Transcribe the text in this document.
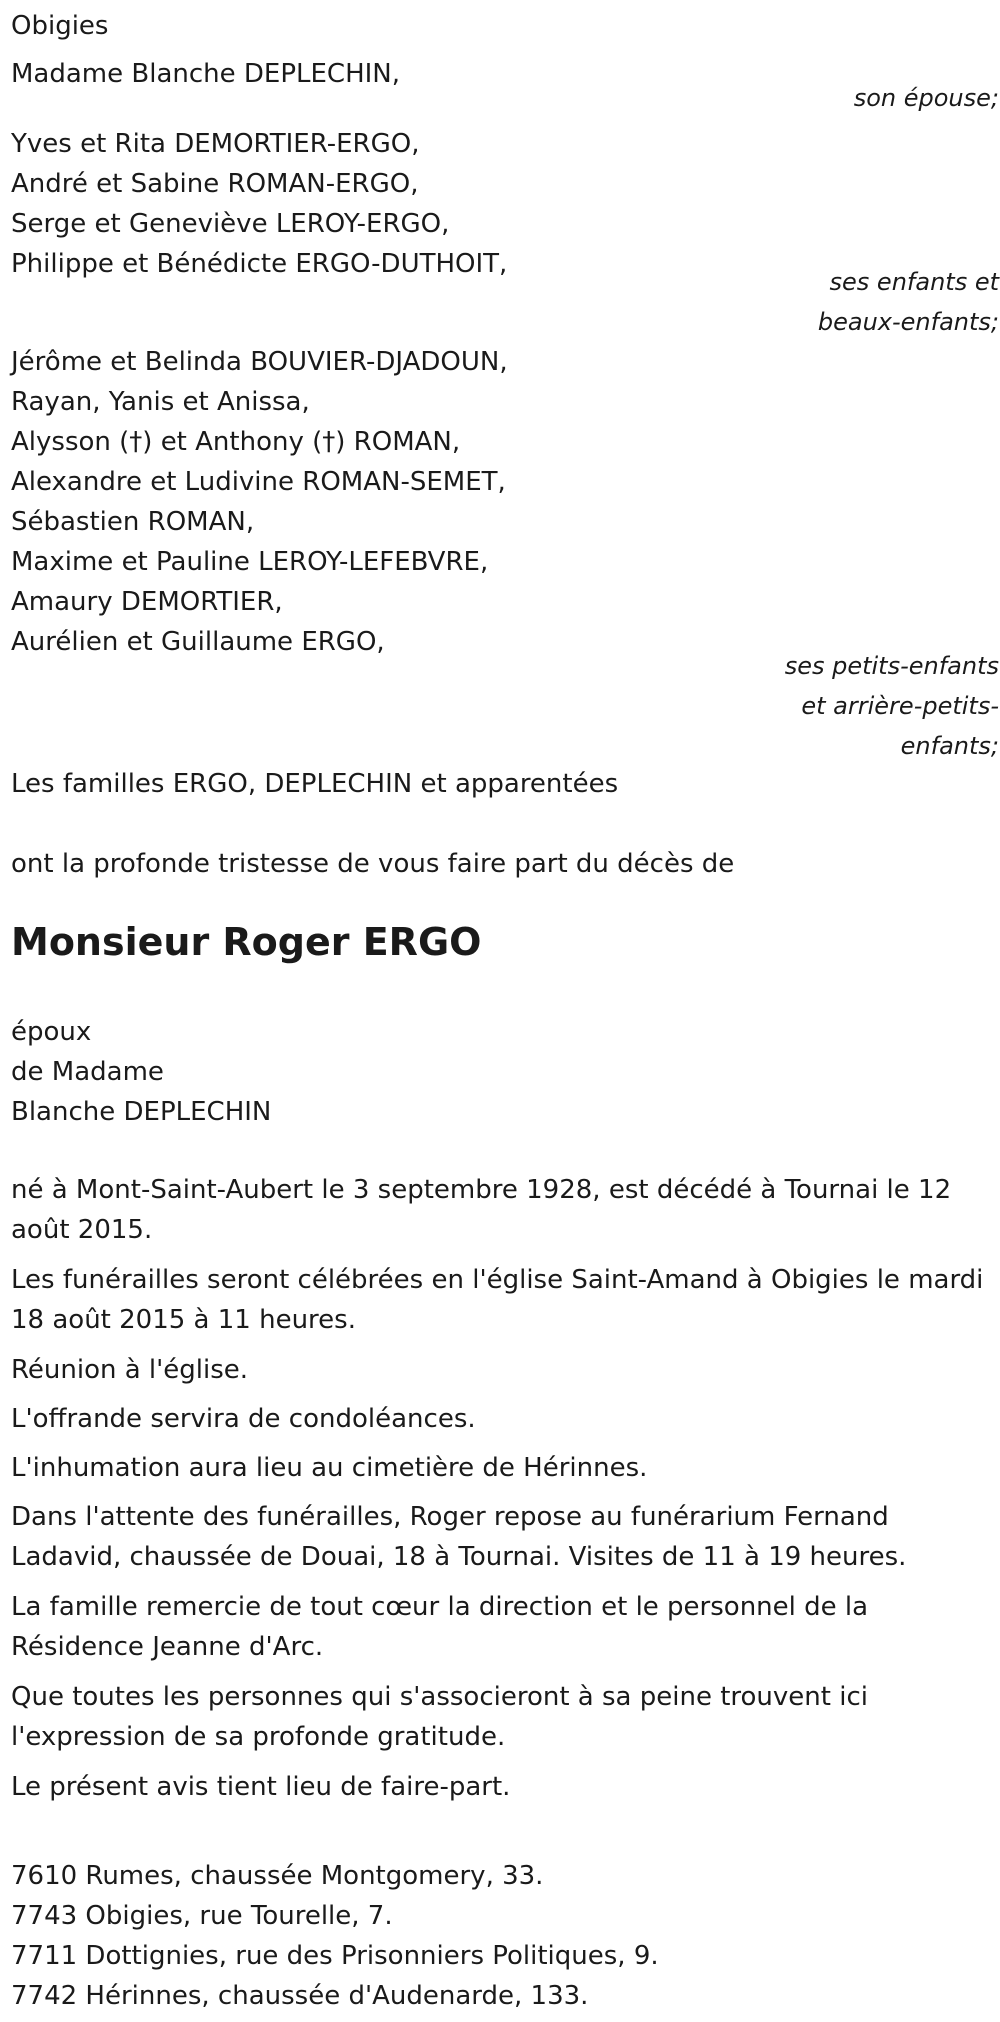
Obigies
Madame Blanche DEPLECHIN,
son épouse;
Yves et Rita DEMORTIER-ERGO,
André et Sabine ROMAN-ERGO,
Serge et Geneviève LEROY-ERGO,
Philippe et Bénédicte ERGO-DUTHOIT,
ses enfants et
beaux-enfants;
Jérôme et Belinda BOUVIER-DJADOUN,
Rayan, Yanis et Anissa,
Alysson (†) et Anthony (†) ROMAN,
Alexandre et Ludivine ROMAN-SEMET,
Sébastien ROMAN,
Maxime et Pauline LEROY-LEFEBVRE,
Amaury DEMORTIER,
Aurélien et Guillaume ERGO,
ses petits-enfants
et arrière-petits-
enfants;
Les familles ERGO, DEPLECHIN et apparentées
ont la profonde tristesse de vous faire part du décès de
Monsieur Roger ERGO
époux
de Madame
Blanche DEPLECHIN
né à Mont-Saint-Aubert le 3 septembre 1928, est décédé à Tournai le 12 août 2015.
Les funérailles seront célébrées en l'église Saint-Amand à Obigies le mardi 18 août 2015 à 11 heures.
Réunion à l'église.
L'offrande servira de condoléances.
L'inhumation aura lieu au cimetière de Hérinnes.
Dans l'attente des funérailles, Roger repose au funérarium Fernand Ladavid, chaussée de Douai, 18 à Tournai. Visites de 11 à 19 heures.
La famille remercie de tout cœur la direction et le personnel de la Résidence Jeanne d'Arc.
Que toutes les personnes qui s'associeront à sa peine trouvent ici l'expression de sa profonde gratitude.
Le présent avis tient lieu de faire-part.
7610 Rumes, chaussée Montgomery, 33.
7743 Obigies, rue Tourelle, 7.
7711 Dottignies, rue des Prisonniers Politiques, 9.
7742 Hérinnes, chaussée d'Audenarde, 133.
